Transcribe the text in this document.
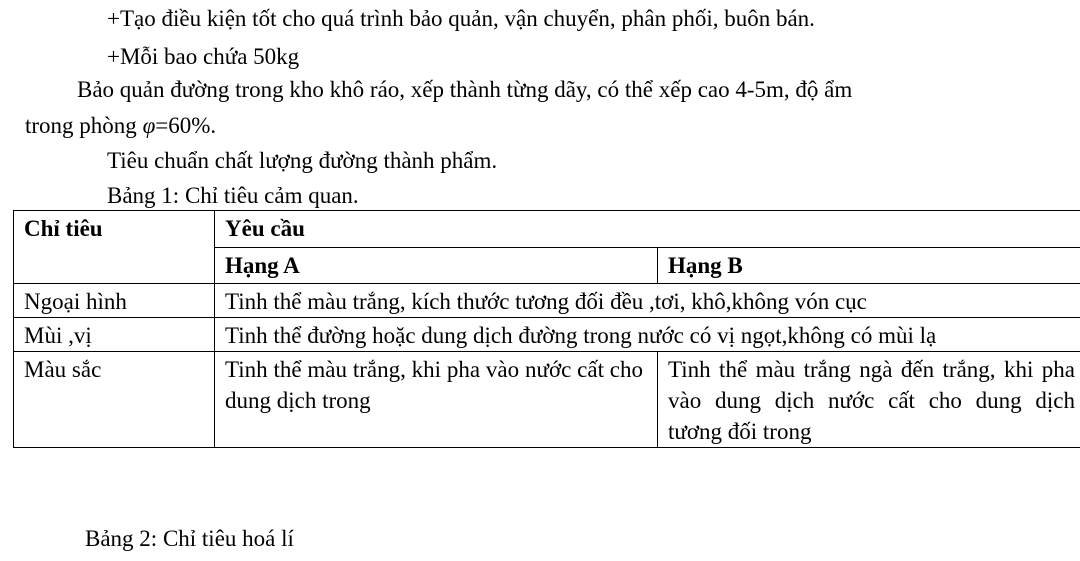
+Tạo điều kiện tốt cho quá trình bảo quản, vận chuyển, phân phối, buôn bán.
+Mỗi bao chứa 50kg
Bảo quản đường trong kho khô ráo, xếp thành từng dãy, có thể xếp cao 4-5m, độ ẩm
trong phòng φ=60%.
Tiêu chuẩn chất lượng đường thành phẩm.
Bảng 1: Chỉ tiêu cảm quan.
Chỉ tiêu	Yêu cầu	
	Hạng A	Hạng B
Ngoại hình	Tinh thể màu trắng, kích thước tương đối đều ,tơi, khô,không vón cục	
Mùi ,vị	Tinh thể đường hoặc dung dịch đường trong nước có vị ngọt,không có mùi lạ	
Màu sắc	Tinh thể màu trắng, khi pha vào nước cất cho dung dịch trong	Tinh thể màu trắng ngà đến trắng, khi pha vào dung dịch nước cất cho dung dịch tương đối trong
Bảng 2: Chỉ tiêu hoá lí
